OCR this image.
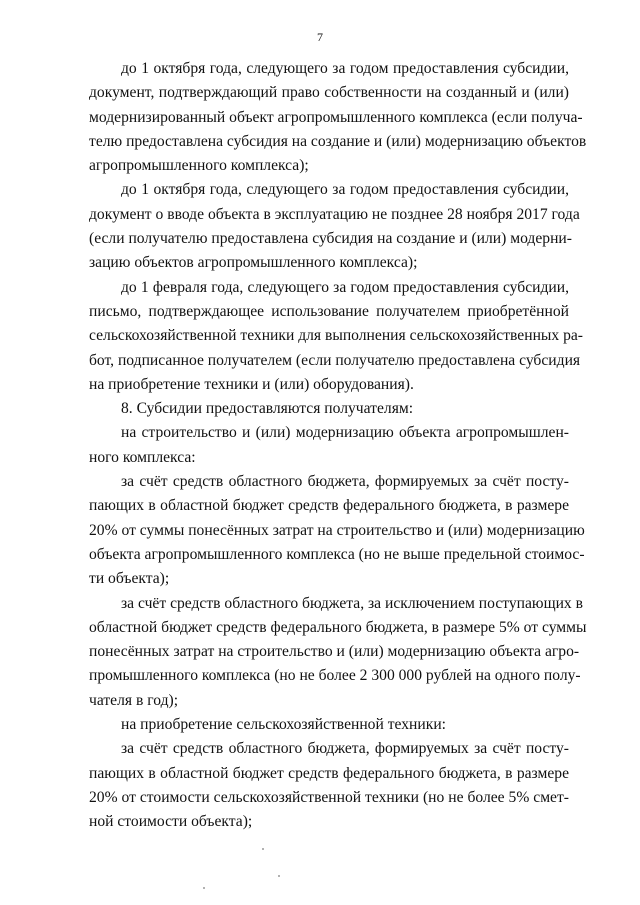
7
до 1 октября года, следующего за годом предоставления субсидии,
документ, подтверждающий право собственности на созданный и (или)
модернизированный объект агропромышленного комплекса (если получа-
телю предоставлена субсидия на создание и (или) модернизацию объектов
агропромышленного комплекса);
до 1 октября года, следующего за годом предоставления субсидии,
документ о вводе объекта в эксплуатацию не позднее 28 ноября 2017 года
(если получателю предоставлена субсидия на создание и (или) модерни-
зацию объектов агропромышленного комплекса);
до 1 февраля года, следующего за годом предоставления субсидии,
письмо, подтверждающее использование получателем приобретённой
сельскохозяйственной техники для выполнения сельскохозяйственных ра-
бот, подписанное получателем (если получателю предоставлена субсидия
на приобретение техники и (или) оборудования).
8. Субсидии предоставляются получателям:
на строительство и (или) модернизацию объекта агропромышлен-
ного комплекса:
за счёт средств областного бюджета, формируемых за счёт посту-
пающих в областной бюджет средств федерального бюджета, в размере
20% от суммы понесённых затрат на строительство и (или) модернизацию
объекта агропромышленного комплекса (но не выше предельной стоимос-
ти объекта);
за счёт средств областного бюджета, за исключением поступающих в
областной бюджет средств федерального бюджета, в размере 5% от суммы
понесённых затрат на строительство и (или) модернизацию объекта агро-
промышленного комплекса (но не более 2 300 000 рублей на одного полу-
чателя в год);
на приобретение сельскохозяйственной техники:
за счёт средств областного бюджета, формируемых за счёт посту-
пающих в областной бюджет средств федерального бюджета, в размере
20% от стоимости сельскохозяйственной техники (но не более 5% смет-
ной стоимости объекта);
